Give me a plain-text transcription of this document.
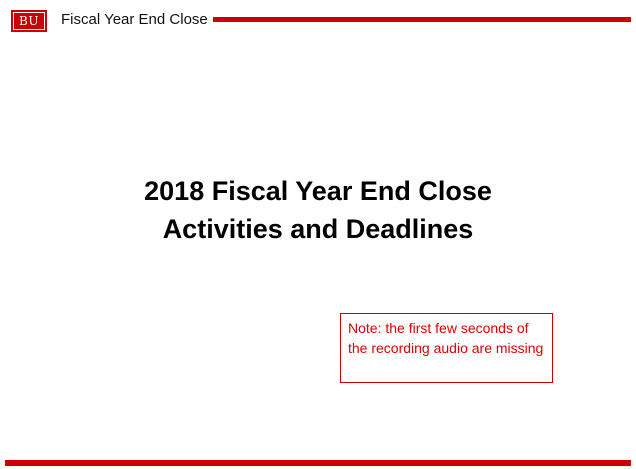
BU	Fiscal Year End Close
2018 Fiscal Year End Close
Activities and Deadlines
Note: the first few seconds of the recording audio are missing
